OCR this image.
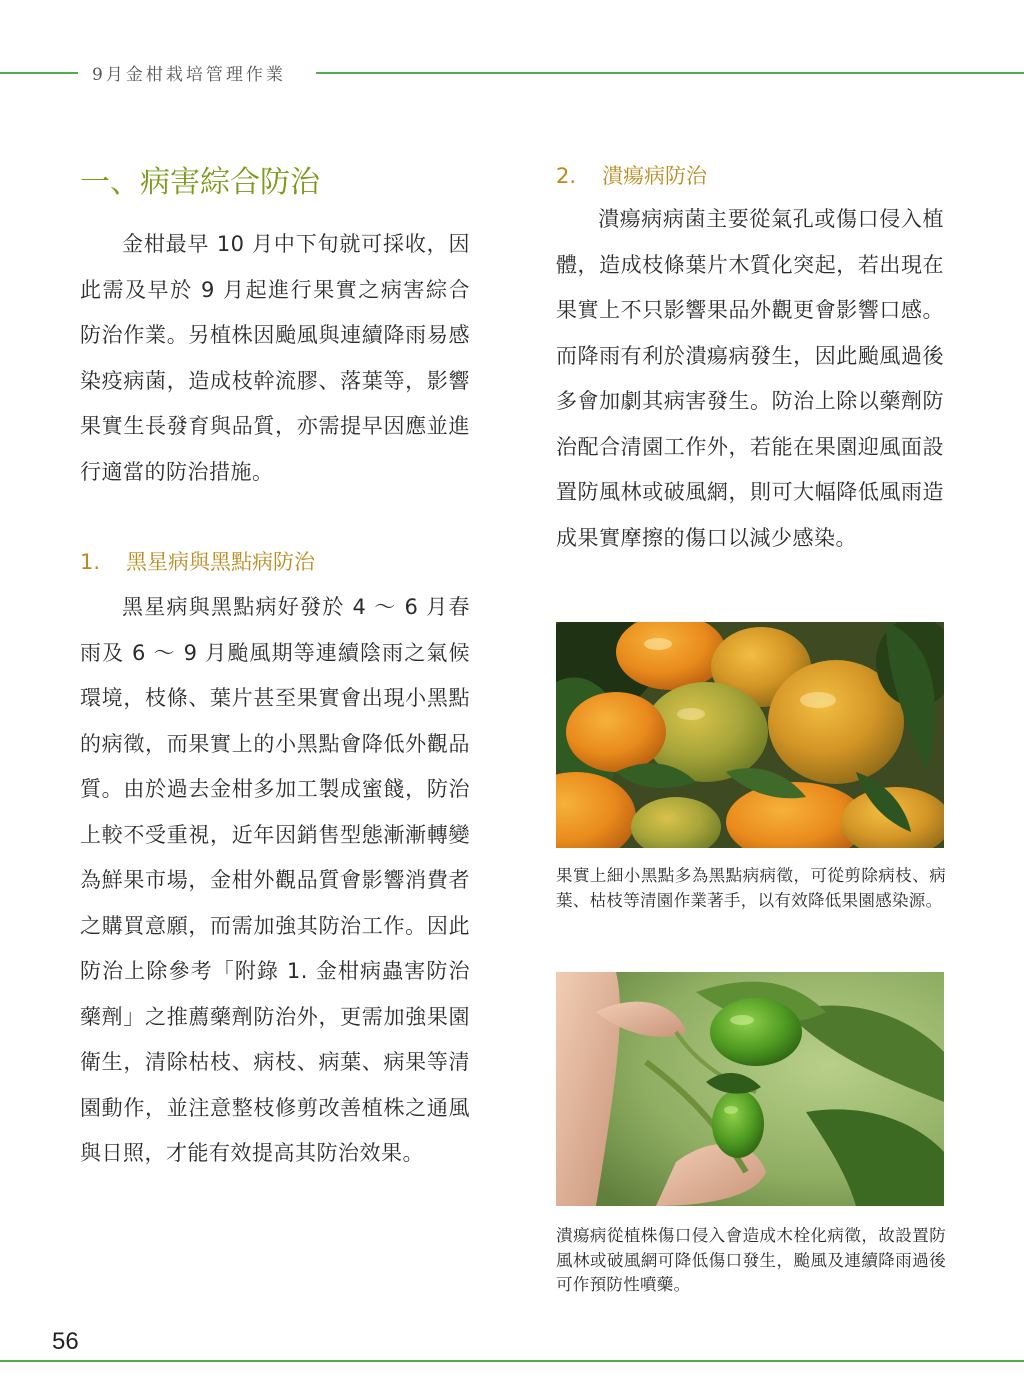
9月金柑栽培管理作業
一、病害綜合防治

金柑最早 10 月中下旬就可採收，因此需及早於 9 月起進行果實之病害綜合防治作業。另植株因颱風與連續降雨易感染疫病菌，造成枝幹流膠、落葉等，影響果實生長發育與品質，亦需提早因應並進行適當的防治措施。

1. 黑星病與黑點病防治

黑星病與黑點病好發於 4 ～ 6 月春雨及 6 ～ 9 月颱風期等連續陰雨之氣候環境，枝條、葉片甚至果實會出現小黑點的病徵，而果實上的小黑點會降低外觀品質。由於過去金柑多加工製成蜜餞，防治上較不受重視，近年因銷售型態漸漸轉變為鮮果市場，金柑外觀品質會影響消費者之購買意願，而需加強其防治工作。因此防治上除參考「附錄 1. 金柑病蟲害防治藥劑」之推薦藥劑防治外，更需加強果園衛生，清除枯枝、病枝、病葉、病果等清園動作，並注意整枝修剪改善植株之通風與日照，才能有效提高其防治效果。

2. 潰瘍病防治

潰瘍病病菌主要從氣孔或傷口侵入植體，造成枝條葉片木質化突起，若出現在果實上不只影響果品外觀更會影響口感。而降雨有利於潰瘍病發生，因此颱風過後多會加劇其病害發生。防治上除以藥劑防治配合清園工作外，若能在果園迎風面設置防風林或破風網，則可大幅降低風雨造成果實摩擦的傷口以減少感染。

果實上細小黑點多為黑點病病徵，可從剪除病枝、病葉、枯枝等清園作業著手，以有效降低果園感染源。

潰瘍病從植株傷口侵入會造成木栓化病徵，故設置防風林或破風網可降低傷口發生，颱風及連續降雨過後可作預防性噴藥。

56
